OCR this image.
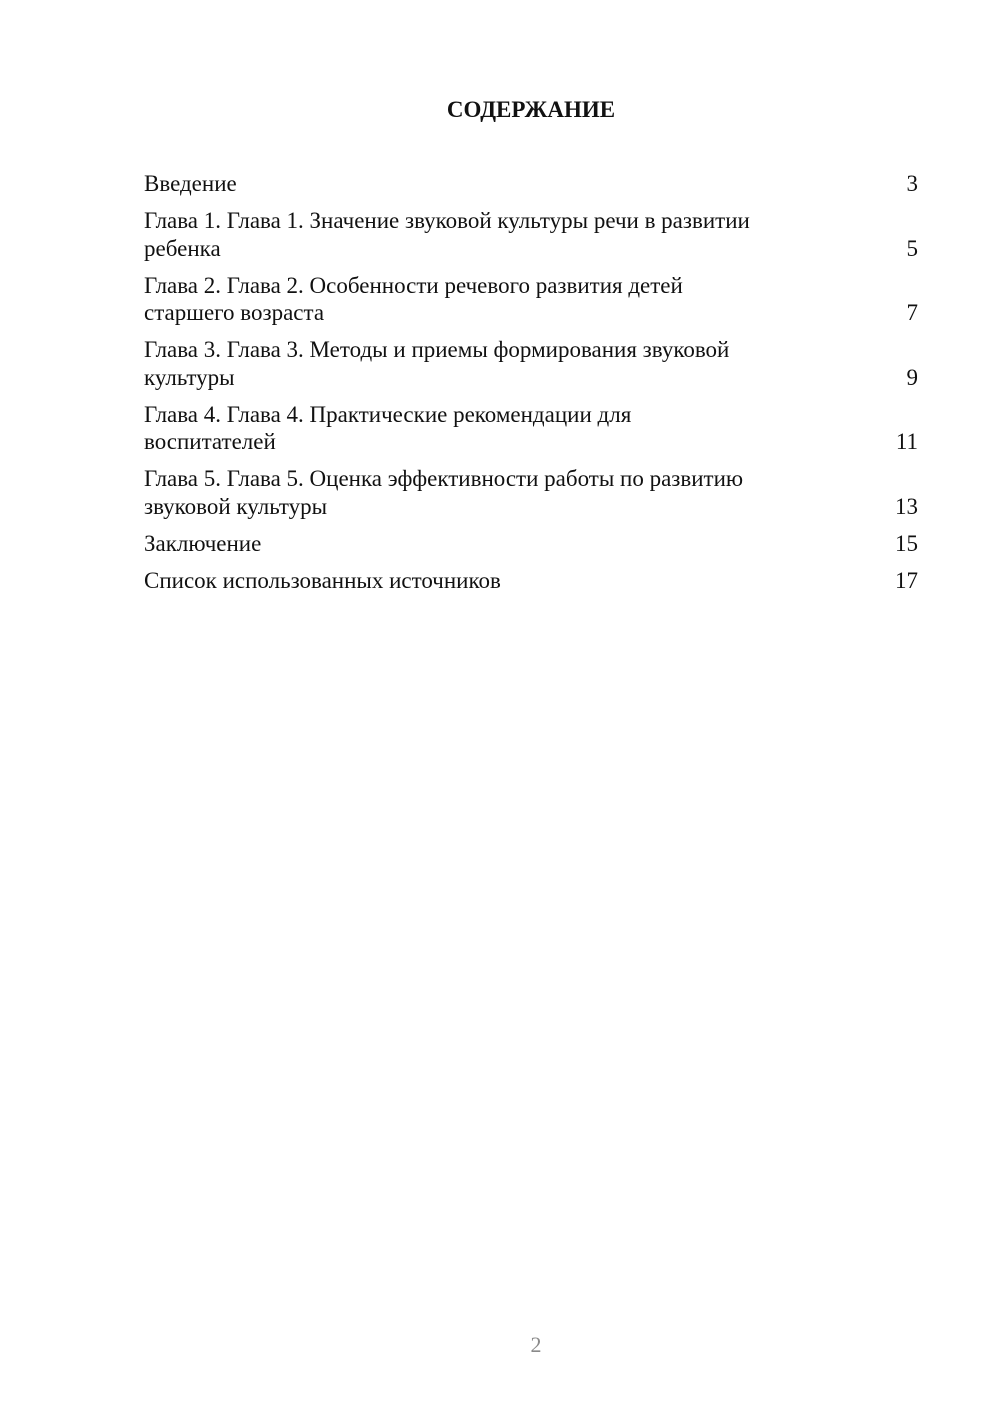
СОДЕРЖАНИЕ
Введение	3
Глава 1. Глава 1. Значение звуковой культуры речи в развитии
ребенка	5
Глава 2. Глава 2. Особенности речевого развития детей
старшего возраста	7
Глава 3. Глава 3. Методы и приемы формирования звуковой
культуры	9
Глава 4. Глава 4. Практические рекомендации для
воспитателей	11
Глава 5. Глава 5. Оценка эффективности работы по развитию
звуковой культуры	13
Заключение	15
Список использованных источников	17
2
